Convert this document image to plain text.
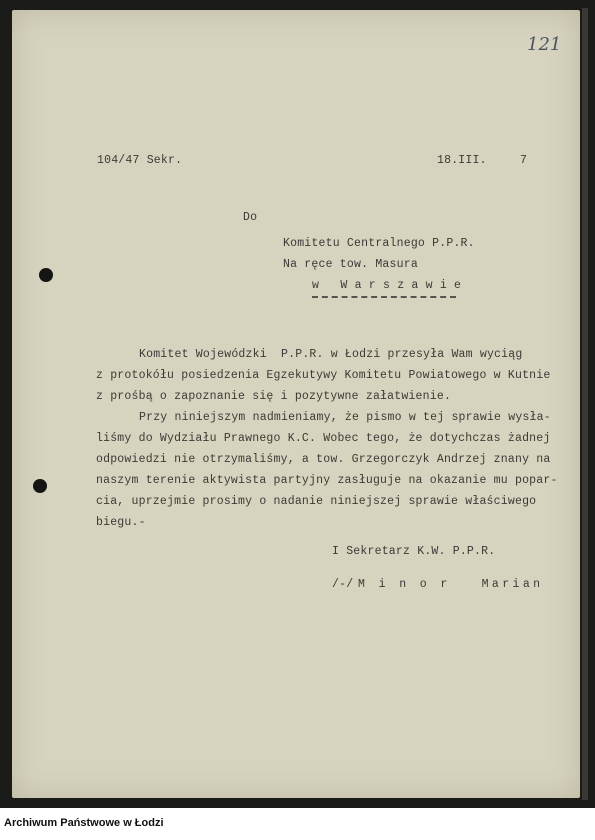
121

104/47 Sekr.	18.III.	7

Do

Komitetu Centralnego P.P.R.

Na ręce tow. Masura

w   W a r s z a w i e

Komitet Wojewódzki  P.P.R. w Łodzi przesyła Wam wyciąg

z protokółu posiedzenia Egzekutywy Komitetu Powiatowego w Kutnie

z prośbą o zapoznanie się i pozytywne załatwienie.

Przy niniejszym nadmieniamy, że pismo w tej sprawie wysła-

liśmy do Wydziału Prawnego K.C. Wobec tego, że dotychczas żadnej

odpowiedzi nie otrzymaliśmy, a tow. Grzegorczyk Andrzej znany na

naszym terenie aktywista partyjny zasługuje na okazanie mu popar-

cia, uprzejmie prosimy o nadanie niniejszej sprawie właściwego

biegu.-

I Sekretarz K.W. P.P.R.

/-/ M i n o r   Marian

Archiwum Państwowe w Łodzi
